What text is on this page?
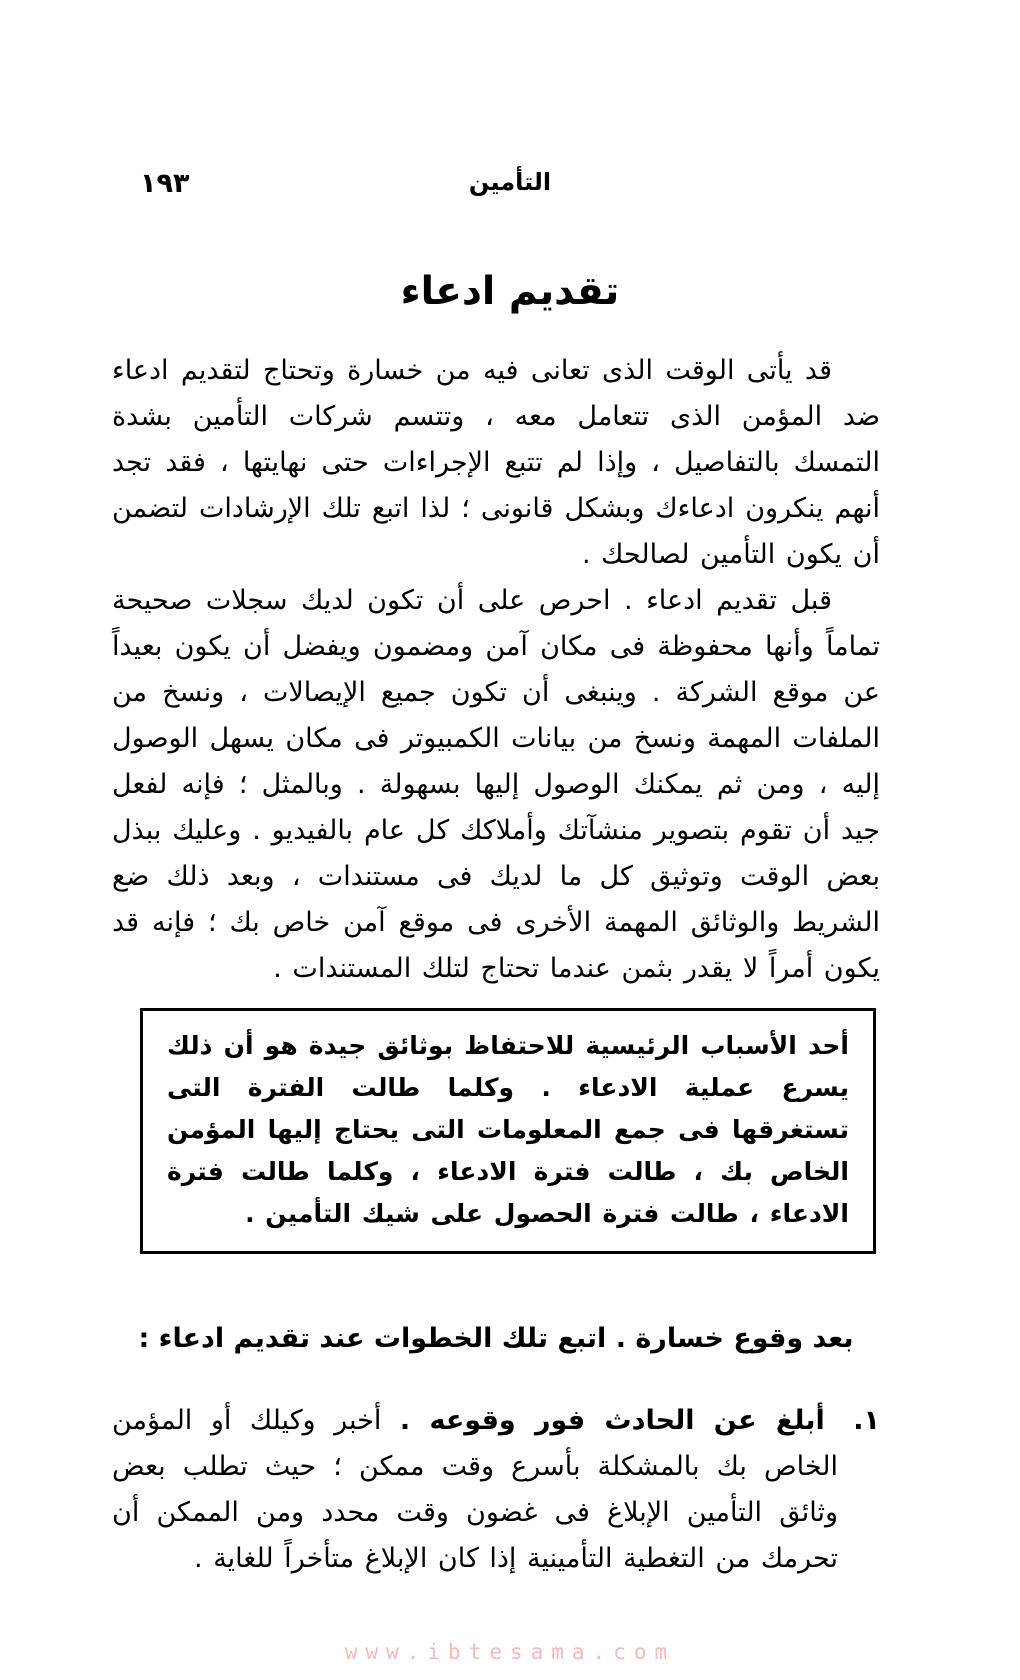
١٩٣	التأمين
تقديم ادعاء

قد يأتى الوقت الذى تعانى فيه من خسارة وتحتاج لتقديم ادعاء ضد المؤمن الذى تتعامل معه ، وتتسم شركات التأمين بشدة التمسك بالتفاصيل ، وإذا لم تتبع الإجراءات حتى نهايتها ، فقد تجد أنهم ينكرون ادعاءك وبشكل قانونى ؛ لذا اتبع تلك الإرشادات لتضمن أن يكون التأمين لصالحك .

قبل تقديم ادعاء . احرص على أن تكون لديك سجلات صحيحة تماماً وأنها محفوظة فى مكان آمن ومضمون ويفضل أن يكون بعيداً عن موقع الشركة . وينبغى أن تكون جميع الإيصالات ، ونسخ من الملفات المهمة ونسخ من بيانات الكمبيوتر فى مكان يسهل الوصول إليه ، ومن ثم يمكنك الوصول إليها بسهولة . وبالمثل ؛ فإنه لفعل جيد أن تقوم بتصوير منشآتك وأملاكك كل عام بالفيديو . وعليك ببذل بعض الوقت وتوثيق كل ما لديك فى مستندات ، وبعد ذلك ضع الشريط والوثائق المهمة الأخرى فى موقع آمن خاص بك ؛ فإنه قد يكون أمراً لا يقدر بثمن عندما تحتاج لتلك المستندات .

أحد الأسباب الرئيسية للاحتفاظ بوثائق جيدة هو أن ذلك يسرع عملية الادعاء . وكلما طالت الفترة التى تستغرقها فى جمع المعلومات التى يحتاج إليها المؤمن الخاص بك ، طالت فترة الادعاء ، وكلما طالت فترة الادعاء ، طالت فترة الحصول على شيك التأمين .

بعد وقوع خسارة . اتبع تلك الخطوات عند تقديم ادعاء :

١. أبلغ عن الحادث فور وقوعه . أخبر وكيلك أو المؤمن الخاص بك بالمشكلة بأسرع وقت ممكن ؛ حيث تطلب بعض وثائق التأمين الإبلاغ فى غضون وقت محدد ومن الممكن أن تحرمك من التغطية التأمينية إذا كان الإبلاغ متأخراً للغاية .
www.ibtesama.com
